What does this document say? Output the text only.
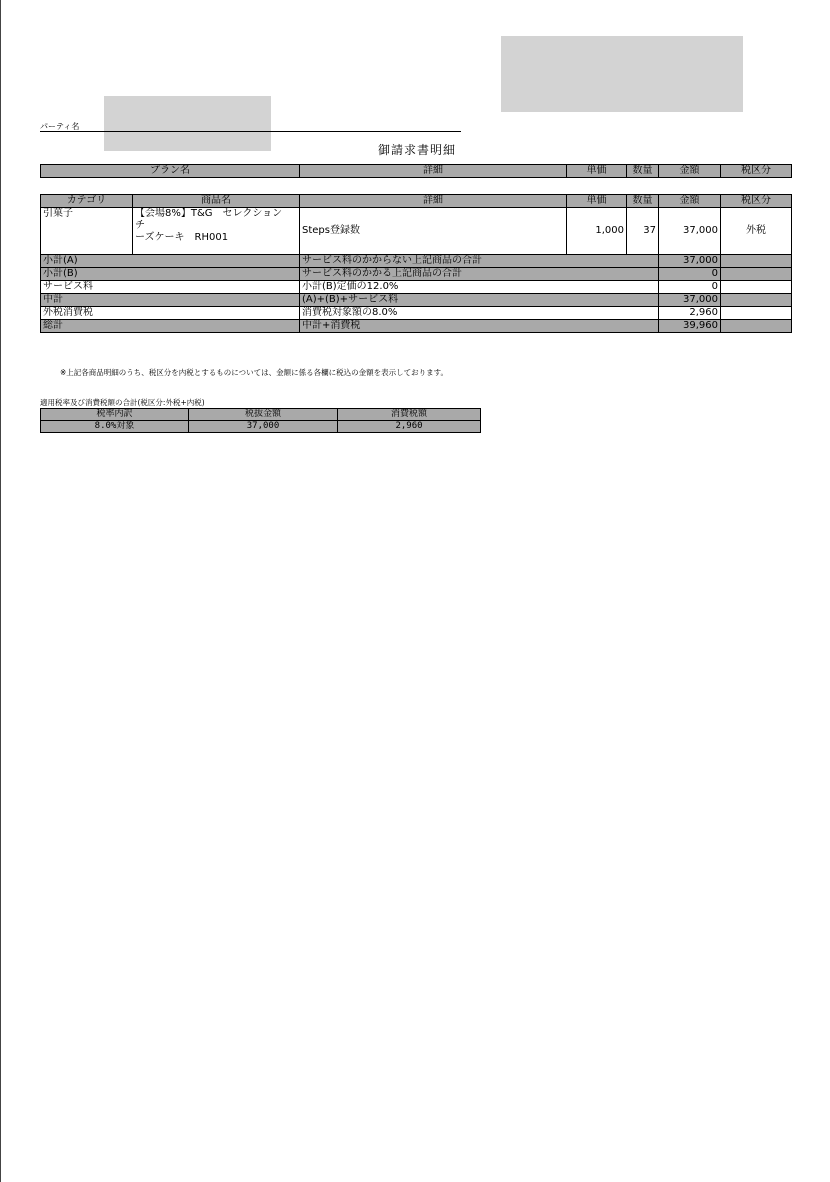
パーティ名
御請求書明細
プラン名	詳細	単価	数量	金額	税区分
カテゴリ	商品名	詳細	単価	数量	金額	税区分
引菓子	【会場8%】T&G　セレクション　チ
ーズケーキ　RH001	Steps登録数	1,000	37	37,000	外税
小計(A)		サービス料のかからない上記商品の合計			37,000	
小計(B)		サービス料のかかる上記商品の合計			0	
サービス料		小計(B)定価の12.0%			0	
中計		(A)+(B)+サービス料			37,000	
外税消費税		消費税対象額の8.0%			2,960	
総計		中計+消費税			39,960	
※上記各商品明細のうち、税区分を内税とするものについては、金額に係る各欄に税込の金額を表示しております。
適用税率及び消費税額の合計(税区分:外税+内税)
税率内訳	税抜金額	消費税額
8.0%対象	37,000	2,960
